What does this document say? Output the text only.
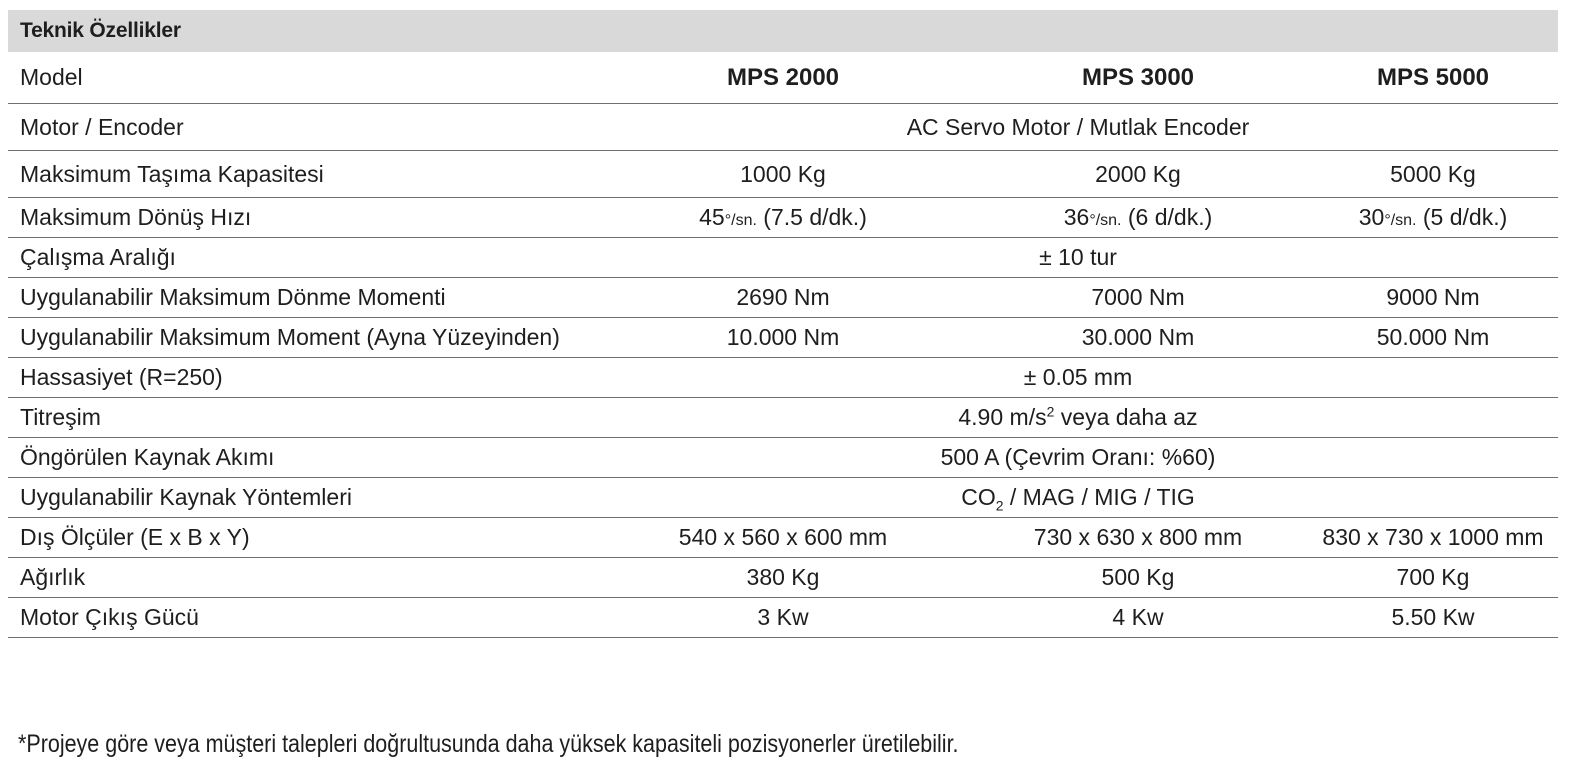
Teknik Özellikler
Model	MPS 2000	MPS 3000	MPS 5000
Motor / Encoder	AC Servo Motor / Mutlak Encoder		
Maksimum Taşıma Kapasitesi	1000 Kg	2000 Kg	5000 Kg
Maksimum Dönüş Hızı	45°/sn. (7.5 d/dk.)	36°/sn. (6 d/dk.)	30°/sn. (5 d/dk.)
Çalışma Aralığı	± 10 tur		
Uygulanabilir Maksimum Dönme Momenti	2690 Nm	7000 Nm	9000 Nm
Uygulanabilir Maksimum Moment (Ayna Yüzeyinden)	10.000 Nm	30.000 Nm	50.000 Nm
Hassasiyet (R=250)	± 0.05 mm		
Titreşim	4.90 $m/s^2$ veya daha az		
Öngörülen Kaynak Akımı	500 A (Çevrim Oranı: %60)		
Uygulanabilir Kaynak Yöntemleri	$CO_2$ / MAG / MIG / TIG		
Dış Ölçüler (E x B x Y)	540 x 560 x 600 mm	730 x 630 x 800 mm	830 x 730 x 1000 mm
Ağırlık	380 Kg	500 Kg	700 Kg
Motor Çıkış Gücü	3 Kw	4 Kw	5.50 Kw
*Projeye göre veya müşteri talepleri doğrultusunda daha yüksek kapasiteli pozisyonerler üretilebilir.
